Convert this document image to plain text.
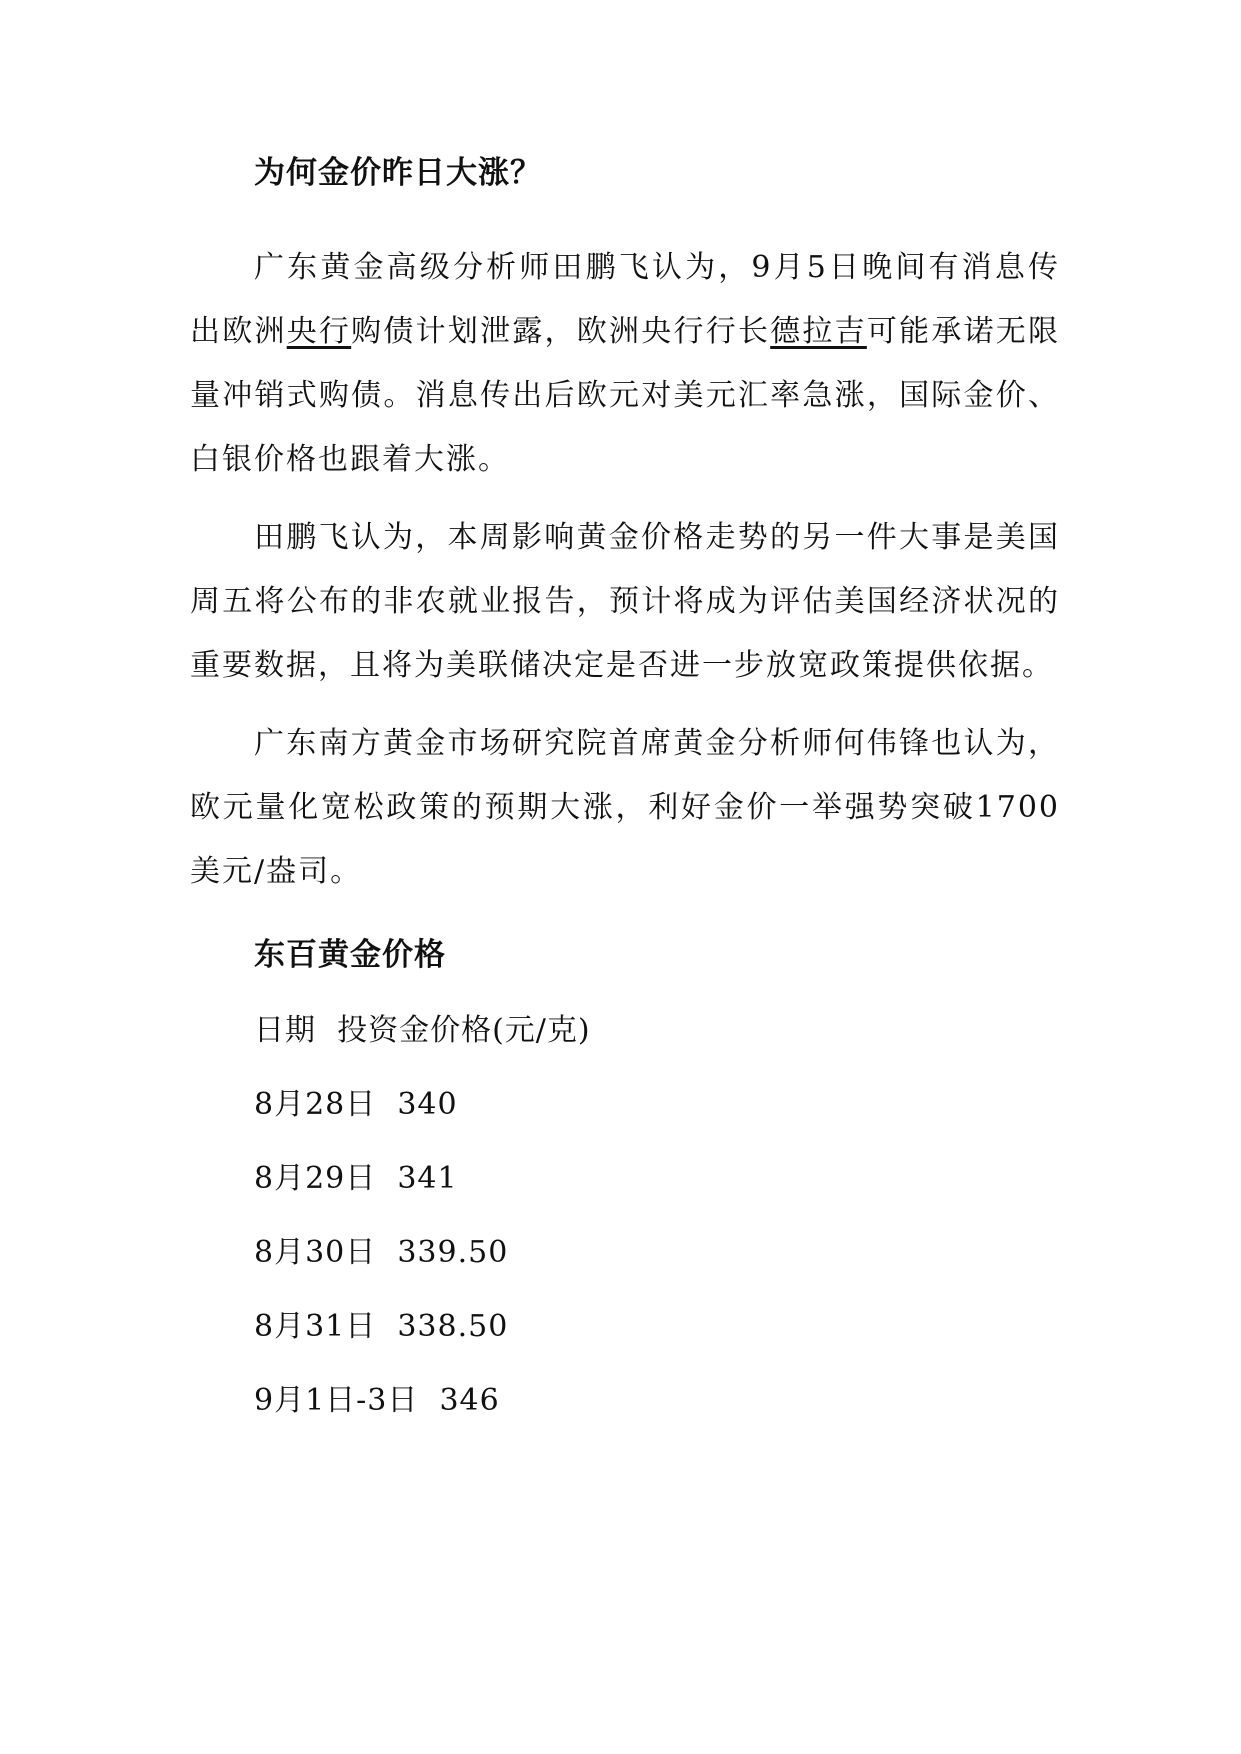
为何金价昨日大涨？

广东黄金高级分析师田鹏飞认为，9月5日晚间有消息传出欧洲央行购债计划泄露，欧洲央行行长德拉吉可能承诺无限量冲销式购债。消息传出后欧元对美元汇率急涨，国际金价、白银价格也跟着大涨。

田鹏飞认为，本周影响黄金价格走势的另一件大事是美国周五将公布的非农就业报告，预计将成为评估美国经济状况的重要数据，且将为美联储决定是否进一步放宽政策提供依据。

广东南方黄金市场研究院首席黄金分析师何伟锋也认为，欧元量化宽松政策的预期大涨，利好金价一举强势突破1700美元/盎司。

东百黄金价格
日期  投资金价格(元/克)
8月28日  340
8月29日  341
8月30日  339.50
8月31日  338.50
9月1日-3日  346
